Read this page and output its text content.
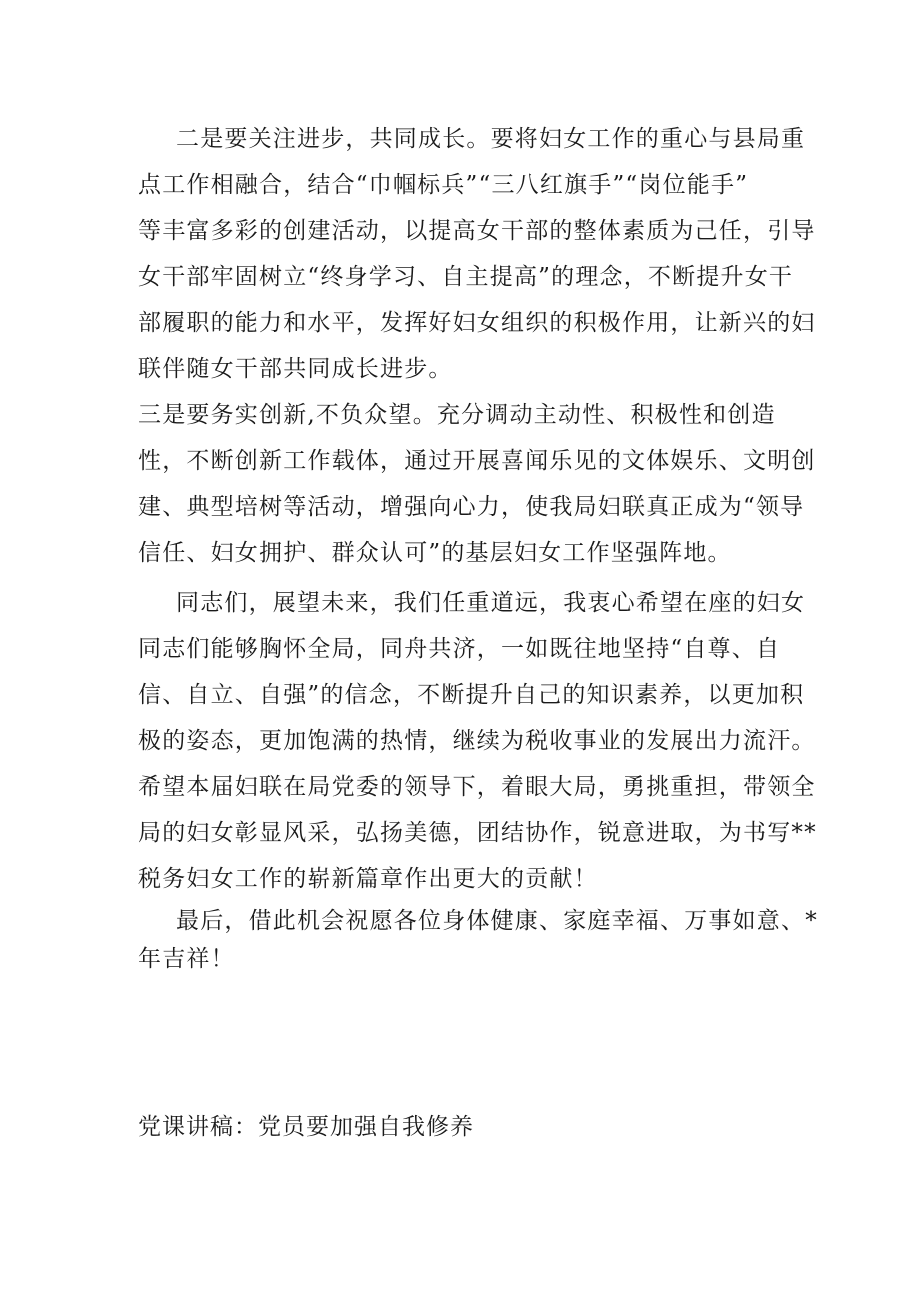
二是要关注进步，共同成长。要将妇女工作的重心与县局重
点工作相融合，结合“巾帼标兵”“三八红旗手”“岗位能手”
等丰富多彩的创建活动，以提高女干部的整体素质为己任，引导
女干部牢固树立“终身学习、自主提高”的理念，不断提升女干
部履职的能力和水平，发挥好妇女组织的积极作用，让新兴的妇
联伴随女干部共同成长进步。
三是要务实创新,不负众望。充分调动主动性、积极性和创造
性，不断创新工作载体，通过开展喜闻乐见的文体娱乐、文明创
建、典型培树等活动，增强向心力，使我局妇联真正成为“领导
信任、妇女拥护、群众认可”的基层妇女工作坚强阵地。
同志们，展望未来，我们任重道远，我衷心希望在座的妇女
同志们能够胸怀全局，同舟共济，一如既往地坚持“自尊、自
信、自立、自强”的信念，不断提升自己的知识素养，以更加积
极的姿态，更加饱满的热情，继续为税收事业的发展出力流汗。
希望本届妇联在局党委的领导下，着眼大局，勇挑重担，带领全
局的妇女彰显风采，弘扬美德，团结协作，锐意进取，为书写**
税务妇女工作的崭新篇章作出更大的贡献！
最后，借此机会祝愿各位身体健康、家庭幸福、万事如意、*
年吉祥！
党课讲稿：党员要加强自我修养
